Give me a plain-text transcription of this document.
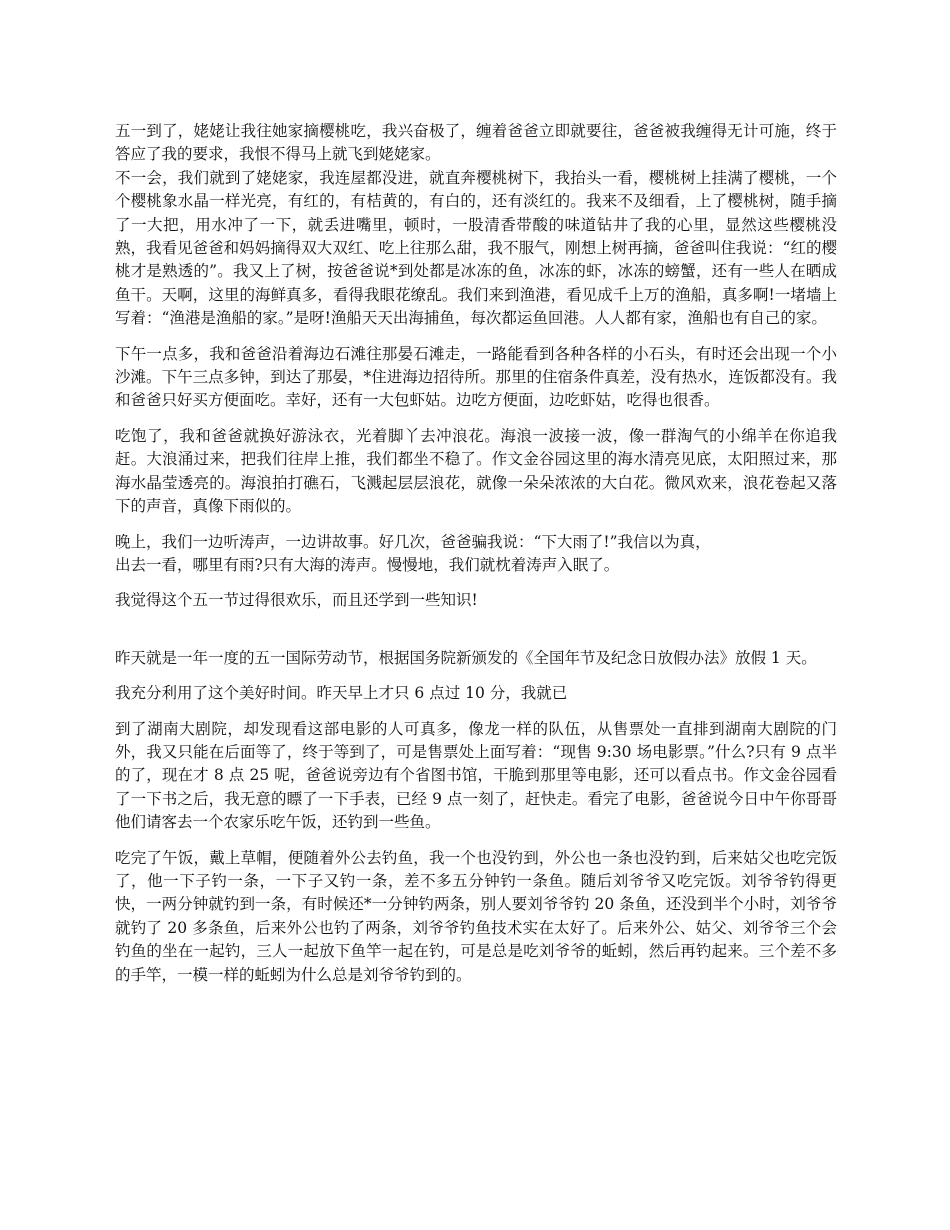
五一到了，姥姥让我往她家摘樱桃吃，我兴奋极了，缠着爸爸立即就要往，爸爸被我缠得无计可施，终于答应了我的要求，我恨不得马上就飞到姥姥家。
不一会，我们就到了姥姥家，我连屋都没进，就直奔樱桃树下，我抬头一看，樱桃树上挂满了樱桃，一个个樱桃象水晶一样光亮，有红的，有桔黄的，有白的，还有淡红的。我来不及细看，上了樱桃树，随手摘了一大把，用水冲了一下，就丢进嘴里，顿时，一股清香带酸的味道钻井了我的心里，显然这些樱桃没熟，我看见爸爸和妈妈摘得双大双红、吃上往那么甜，我不服气，刚想上树再摘，爸爸叫住我说：“红的樱桃才是熟透的”。我又上了树，按爸爸说*到处都是冰冻的鱼，冰冻的虾，冰冻的螃蟹，还有一些人在晒成鱼干。天啊，这里的海鲜真多，看得我眼花缭乱。我们来到渔港，看见成千上万的渔船，真多啊!一堵墙上写着：“渔港是渔船的家。”是呀!渔船天天出海捕鱼，每次都运鱼回港。人人都有家，渔船也有自己的家。

下午一点多，我和爸爸沿着海边石滩往那晏石滩走，一路能看到各种各样的小石头，有时还会出现一个小沙滩。下午三点多钟，到达了那晏，*住进海边招待所。那里的住宿条件真差，没有热水，连饭都没有。我和爸爸只好买方便面吃。幸好，还有一大包虾姑。边吃方便面，边吃虾姑，吃得也很香。

吃饱了，我和爸爸就换好游泳衣，光着脚丫去冲浪花。海浪一波接一波，像一群淘气的小绵羊在你追我赶。大浪涌过来，把我们往岸上推，我们都坐不稳了。作文金谷园这里的海水清亮见底，太阳照过来，那海水晶莹透亮的。海浪拍打礁石，飞溅起层层浪花，就像一朵朵浓浓的大白花。微风欢来，浪花卷起又落下的声音，真像下雨似的。

晚上，我们一边听涛声，一边讲故事。好几次，爸爸骗我说：“下大雨了!”我信以为真，
出去一看，哪里有雨?只有大海的涛声。慢慢地，我们就枕着涛声入眠了。

我觉得这个五一节过得很欢乐，而且还学到一些知识!

昨天就是一年一度的五一国际劳动节，根据国务院新颁发的《全国年节及纪念日放假办法》放假 1 天。

我充分利用了这个美好时间。昨天早上才只 6 点过 10 分，我就已

到了湖南大剧院，却发现看这部电影的人可真多，像龙一样的队伍，从售票处一直排到湖南大剧院的门外，我又只能在后面等了，终于等到了，可是售票处上面写着：“现售 9:30 场电影票。”什么?只有 9 点半的了，现在才 8 点 25 呢，爸爸说旁边有个省图书馆，干脆到那里等电影，还可以看点书。作文金谷园看了一下书之后，我无意的瞟了一下手表，已经 9 点一刻了，赶快走。看完了电影，爸爸说今日中午你哥哥他们请客去一个农家乐吃午饭，还钓到一些鱼。

吃完了午饭，戴上草帽，便随着外公去钓鱼，我一个也没钓到，外公也一条也没钓到，后来姑父也吃完饭了，他一下子钓一条，一下子又钓一条，差不多五分钟钓一条鱼。随后刘爷爷又吃完饭。刘爷爷钓得更快，一两分钟就钓到一条，有时候还*一分钟钓两条，别人要刘爷爷钓 20 条鱼，还没到半个小时，刘爷爷就钓了 20 多条鱼，后来外公也钓了两条，刘爷爷钓鱼技术实在太好了。后来外公、姑父、刘爷爷三个会钓鱼的坐在一起钓，三人一起放下鱼竿一起在钓，可是总是吃刘爷爷的蚯蚓，然后再钓起来。三个差不多的手竿，一模一样的蚯蚓为什么总是刘爷爷钓到的。
